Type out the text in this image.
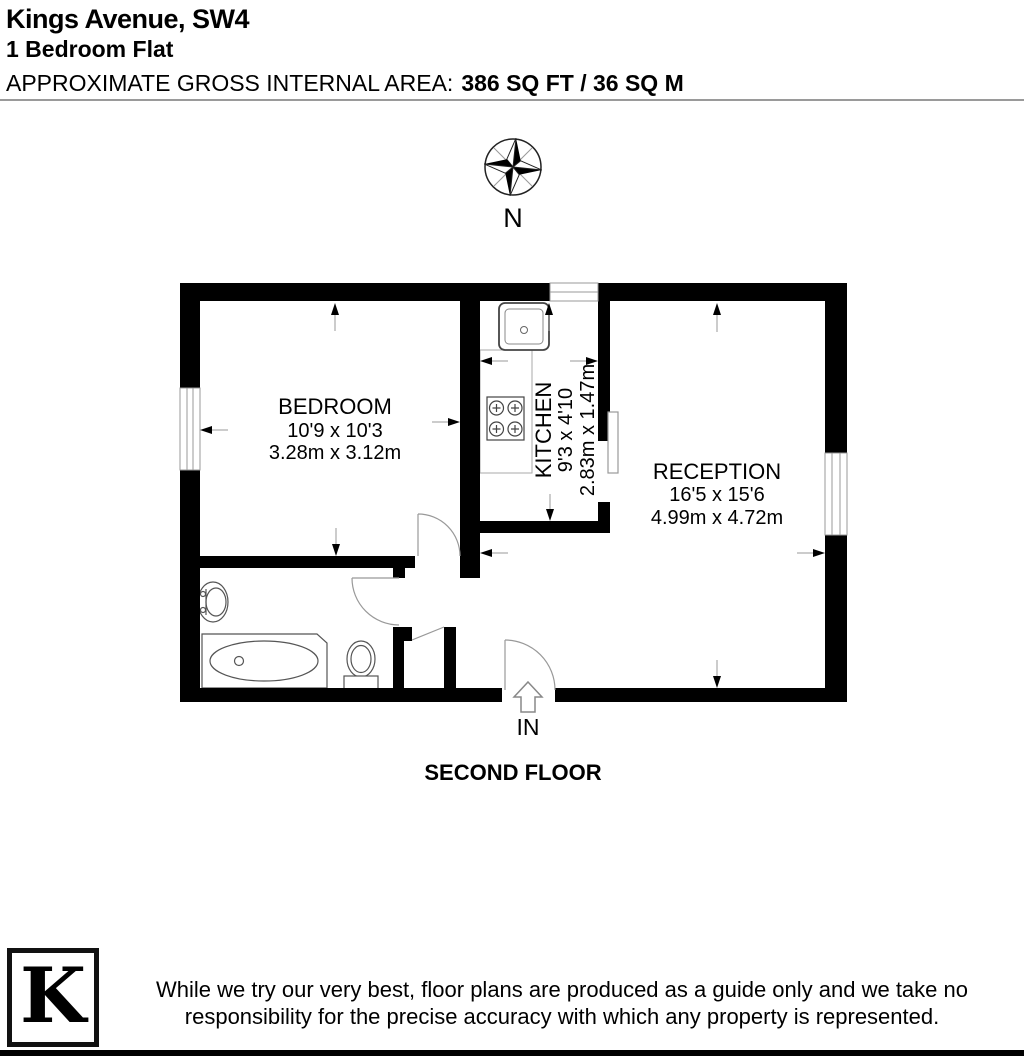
Kings Avenue, SW4
1 Bedroom Flat
APPROXIMATE GROSS INTERNAL AREA: 386 SQ FT / 36 SQ M
N
IN
BEDROOM
10'9 x 10'3
3.28m x 3.12m	KITCHEN 9'3 x 4'10 2.83m x 1.47m RECEPTION
16'5 x 15'6
4.99m x 4.72m
SECOND FLOOR
K	While we try our very best, floor plans are produced as a guide only and we take no
responsibility for the precise accuracy with which any property is represented.
